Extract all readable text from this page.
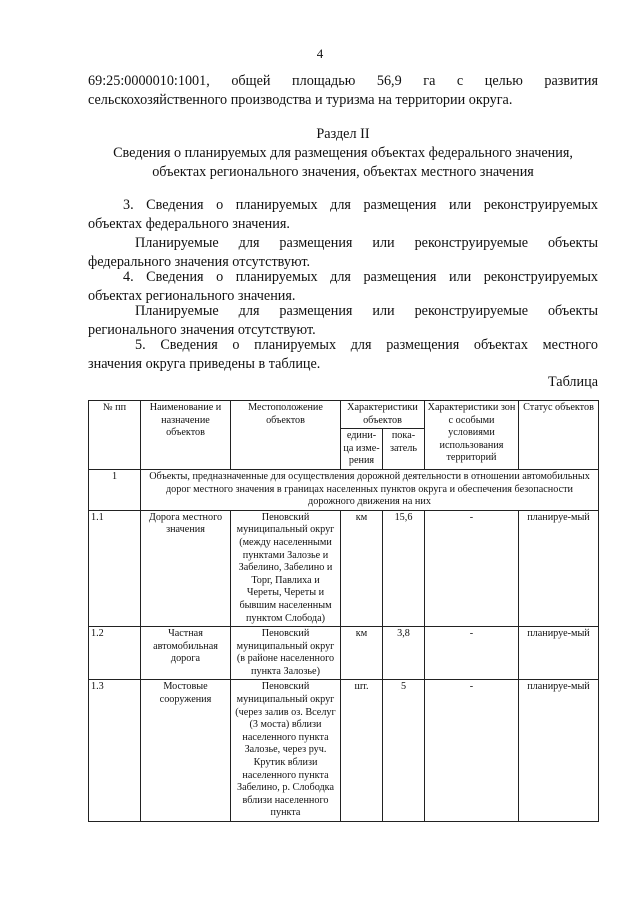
4

69:25:0000010:1001, общей площадью 56,9 га с целью развития

сельскохозяйственного производства и туризма на территории округа.

Раздел II

Сведения о планируемых для размещения объектах федерального значения,

объектах регионального значения, объектах местного значения

3. Сведения о планируемых для размещения или реконструируемых

объектах федерального значения.

Планируемые для размещения или реконструируемые объекты

федерального значения отсутствуют.

4. Сведения о планируемых для размещения или реконструируемых

объектах регионального значения.

Планируемые для размещения или реконструируемые объекты

регионального значения отсутствуют.

5. Сведения о планируемых для размещения объектах местного

значения округа приведены в таблице.

Таблица

№ пп	Наименование и назначение объектов	Местоположение объектов	Характеристики объектов		Характеристики зон с особыми условиями использования территорий	Статус объектов
			едини-ца изме-рения	пока-затель		
1	Объекты, предназначенные для осуществления дорожной деятельности в отношении автомобильных дорог местного значения в границах населенных пунктов округа и обеспечения безопасности дорожного движения на них					
1.1	Дорога местного значения	Пеновский муниципальный округ (между населенными пунктами Залозье и Забелино, Забелино и Торг, Павлиха и Череты, Череты и бывшим населенным пунктом Слобода)	км	15,6	-	планируе-мый
1.2	Частная автомобильная дорога	Пеновский муниципальный округ (в районе населенного пункта Залозье)	км	3,8	-	планируе-мый
1.3	Мостовые сооружения	Пеновский муниципальный округ (через залив оз. Вселуг (3 моста) вблизи населенного пункта Залозье, через руч. Крутик вблизи населенного пункта Забелино, р. Слободка вблизи населенного пункта	шт.	5	-	планируе-мый
